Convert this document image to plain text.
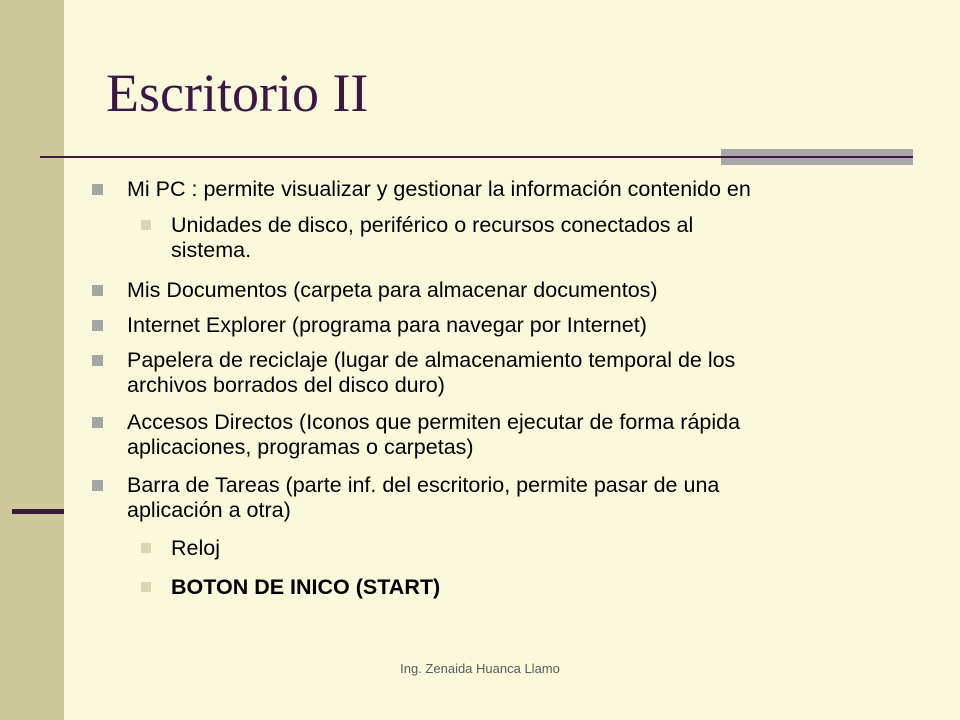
Escritorio II
Mi PC : permite visualizar y gestionar la información contenido en
Unidades de disco, periférico o recursos conectados al
sistema.
Mis Documentos (carpeta para almacenar documentos)
Internet Explorer (programa para navegar por Internet)
Papelera de reciclaje (lugar de almacenamiento temporal de los
archivos borrados del disco duro)
Accesos Directos (Iconos que permiten ejecutar de forma rápida
aplicaciones, programas o carpetas)
Barra de Tareas (parte inf. del escritorio, permite pasar de una
aplicación a otra)
Reloj
BOTON DE INICO (START)
Ing. Zenaida Huanca Llamo
